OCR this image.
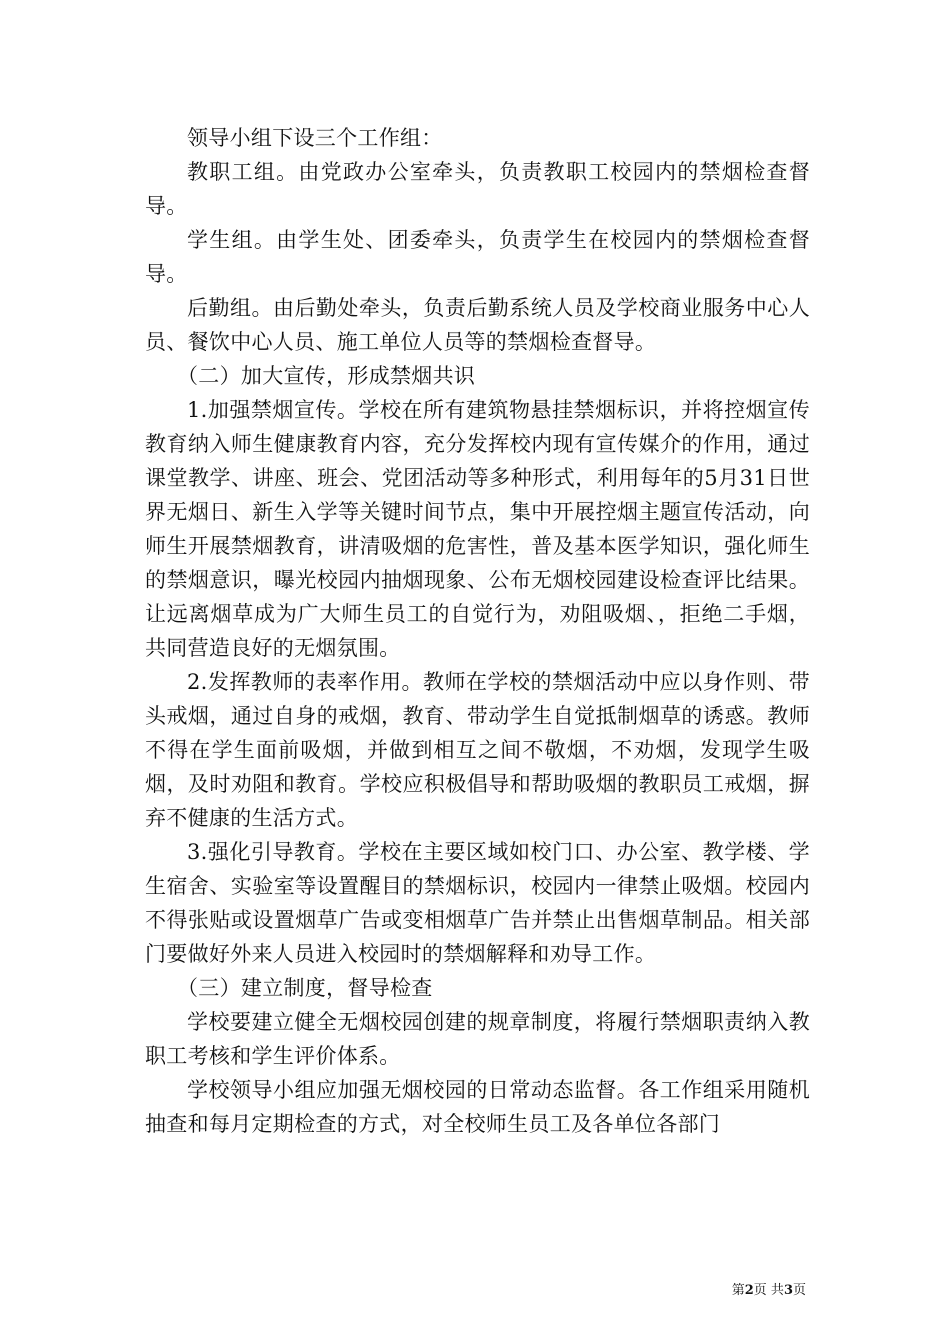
领导小组下设三个工作组：

教职工组。由党政办公室牵头，负责教职工校园内的禁烟检查督导。

学生组。由学生处、团委牵头，负责学生在校园内的禁烟检查督导。

后勤组。由后勤处牵头，负责后勤系统人员及学校商业服务中心人员、餐饮中心人员、施工单位人员等的禁烟检查督导。

（二）加大宣传，形成禁烟共识

1.加强禁烟宣传。学校在所有建筑物悬挂禁烟标识，并将控烟宣传教育纳入师生健康教育内容，充分发挥校内现有宣传媒介的作用，通过课堂教学、讲座、班会、党团活动等多种形式，利用每年的5月31日世界无烟日、新生入学等关键时间节点，集中开展控烟主题宣传活动，向师生开展禁烟教育，讲清吸烟的危害性，普及基本医学知识，强化师生的禁烟意识，曝光校园内抽烟现象、公布无烟校园建设检查评比结果。让远离烟草成为广大师生员工的自觉行为，劝阻吸烟、，拒绝二手烟，共同营造良好的无烟氛围。

2.发挥教师的表率作用。教师在学校的禁烟活动中应以身作则、带头戒烟，通过自身的戒烟，教育、带动学生自觉抵制烟草的诱惑。教师不得在学生面前吸烟，并做到相互之间不敬烟，不劝烟，发现学生吸烟，及时劝阻和教育。学校应积极倡导和帮助吸烟的教职员工戒烟，摒弃不健康的生活方式。

3.强化引导教育。学校在主要区域如校门口、办公室、教学楼、学生宿舍、实验室等设置醒目的禁烟标识，校园内一律禁止吸烟。校园内不得张贴或设置烟草广告或变相烟草广告并禁止出售烟草制品。相关部门要做好外来人员进入校园时的禁烟解释和劝导工作。

（三）建立制度，督导检查

学校要建立健全无烟校园创建的规章制度，将履行禁烟职责纳入教职工考核和学生评价体系。

学校领导小组应加强无烟校园的日常动态监督。各工作组采用随机抽查和每月定期检查的方式，对全校师生员工及各单位各部门

第2页 共3页
